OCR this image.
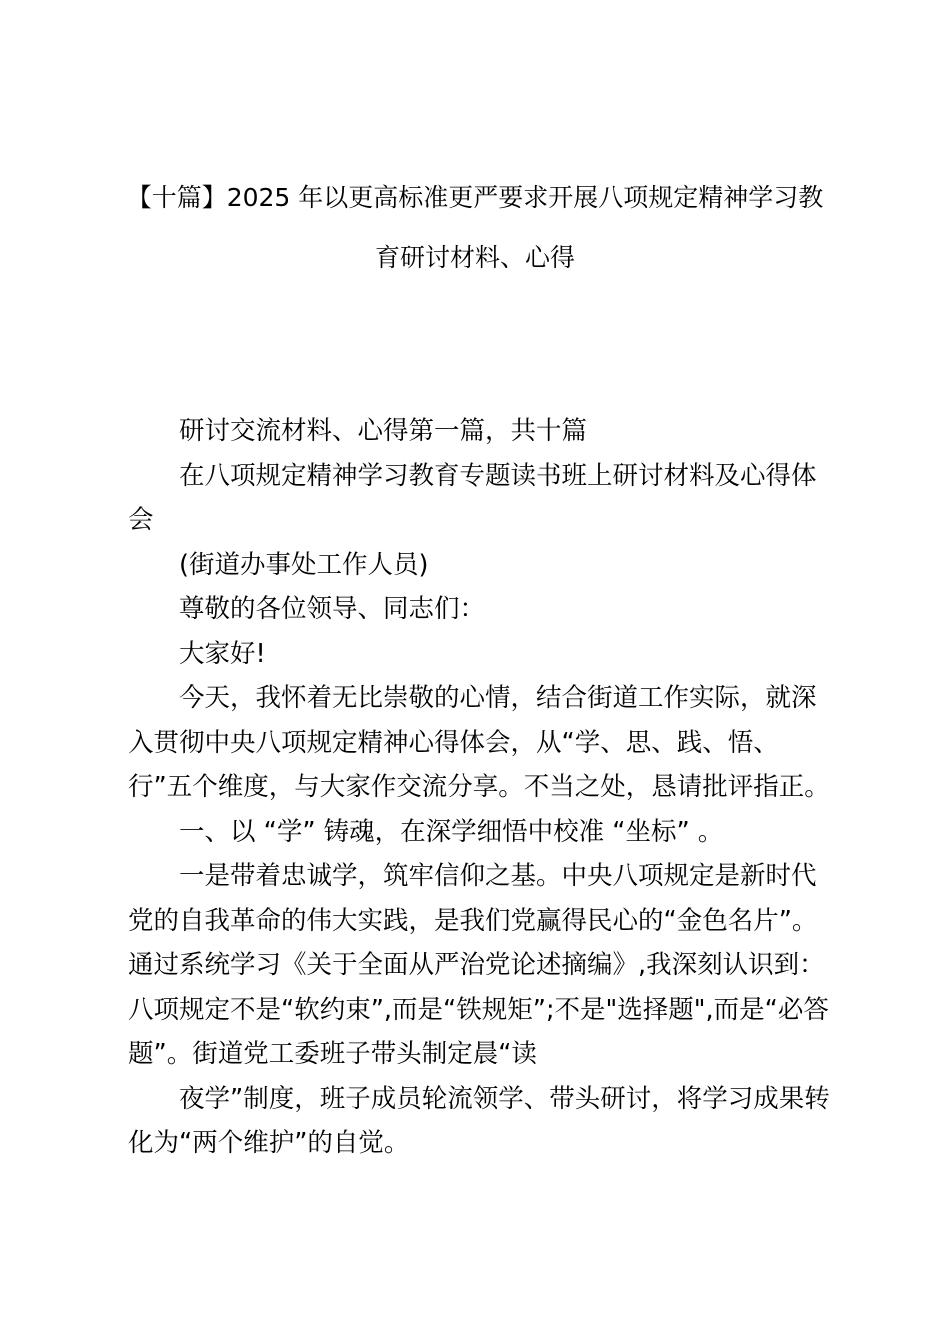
【十篇】2025 年以更高标准更严要求开展八项规定精神学习教
育研讨材料、心得
研讨交流材料、心得第一篇，共十篇
在八项规定精神学习教育专题读书班上研讨材料及心得体
会
(街道办事处工作人员)
尊敬的各位领导、同志们：
大家好!
今天，我怀着无比崇敬的心情，结合街道工作实际，就深
入贯彻中央八项规定精神心得体会，从“学、思、践、悟、
行”五个维度，与大家作交流分享。不当之处，恳请批评指正。
一、以 “学” 铸魂，在深学细悟中校准 “坐标” 。
一是带着忠诚学，筑牢信仰之基。中央八项规定是新时代
党的自我革命的伟大实践，是我们党赢得民心的“金色名片”。
通过系统学习《关于全面从严治党论述摘编》,我深刻认识到：
八项规定不是“软约束”,而是“铁规矩”;不是"选择题",而是“必答
题”。街道党工委班子带头制定晨“读
夜学”制度，班子成员轮流领学、带头研讨，将学习成果转
化为“两个维护”的自觉。
